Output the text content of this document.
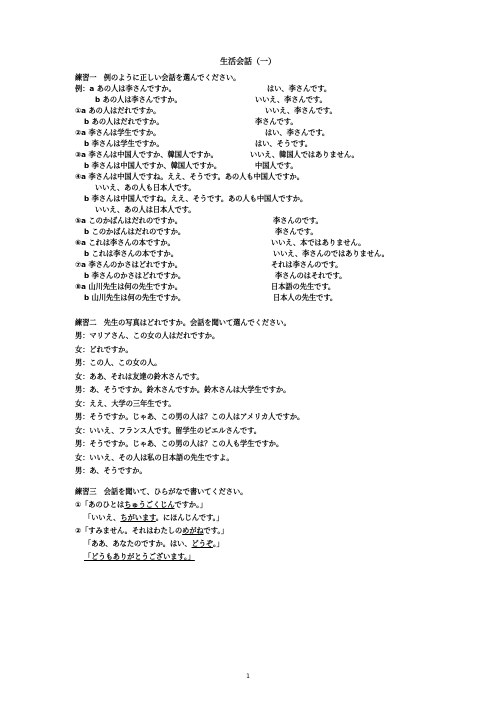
生活会話（一）
練習一　例のように正しい会話を選んでください。
例：a あの人は李さんですか。	はい、李さんです。
b あの人は李さんですか。	いいえ、李さんです。
①a あの人はだれですか。	いいえ、李さんです。
b あの人はだれですか。	李さんです。
②a 李さんは学生ですか。	はい、李さんです。
b 李さんは学生ですか。	はい、そうです。
③a 李さんは中国人ですか、韓国人ですか。	いいえ、韓国人ではありません。
b 李さんは中国人ですか、韓国人ですか。	中国人です。
④a 李さんは中国人ですね。ええ、そうです。あの人も中国人ですか。
いいえ、あの人も日本人です。
b 李さんは中国人ですね。ええ、そうです。あの人も中国人ですか。
いいえ、あの人は日本人です。
⑤a このかばんはだれのですか。	李さんのです。
b このかばんはだれのですか。	李さんです。
⑥a これは李さんの本ですか。	いいえ、本ではありません。
b これは李さんの本ですか。	いいえ、李さんのではありません。
⑦a 李さんのかさはどれですか。	それは李さんのです。
b 李さんのかさはどれですか。	李さんのはそれです。
⑧a 山川先生は何の先生ですか。	日本語の先生です。
b 山川先生は何の先生ですか。	日本人の先生です。
練習二　先生の写真はどれですか。会話を聞いて選んでください。
男：マリアさん、この女の人はだれですか。
女：どれですか。
男：この人、この女の人。
女：ああ、それは友達の鈴木さんです。
男：あ、そうですか。鈴木さんですか。鈴木さんは大学生ですか。
女：ええ、大学の三年生です。
男：そうですか。じゃあ、この男の人は？この人はアメリカ人ですか。
女：いいえ、フランス人です。留学生のピエルさんです。
男：そうですか。じゃあ、この男の人は？この人も学生ですか。
女：いいえ、その人は私の日本語の先生ですよ。
男：あ、そうですか。
練習三　会話を聞いて、ひらがなで書いてください。
①「あのひとはちゅうごくじんですか。」
「いいえ、ちがいます。にほんじんです。」
②「すみません。それはわたしのめがねです。」
「ああ、あなたのですか。はい、どうぞ。」
「どうもありがとうございます。」
1
